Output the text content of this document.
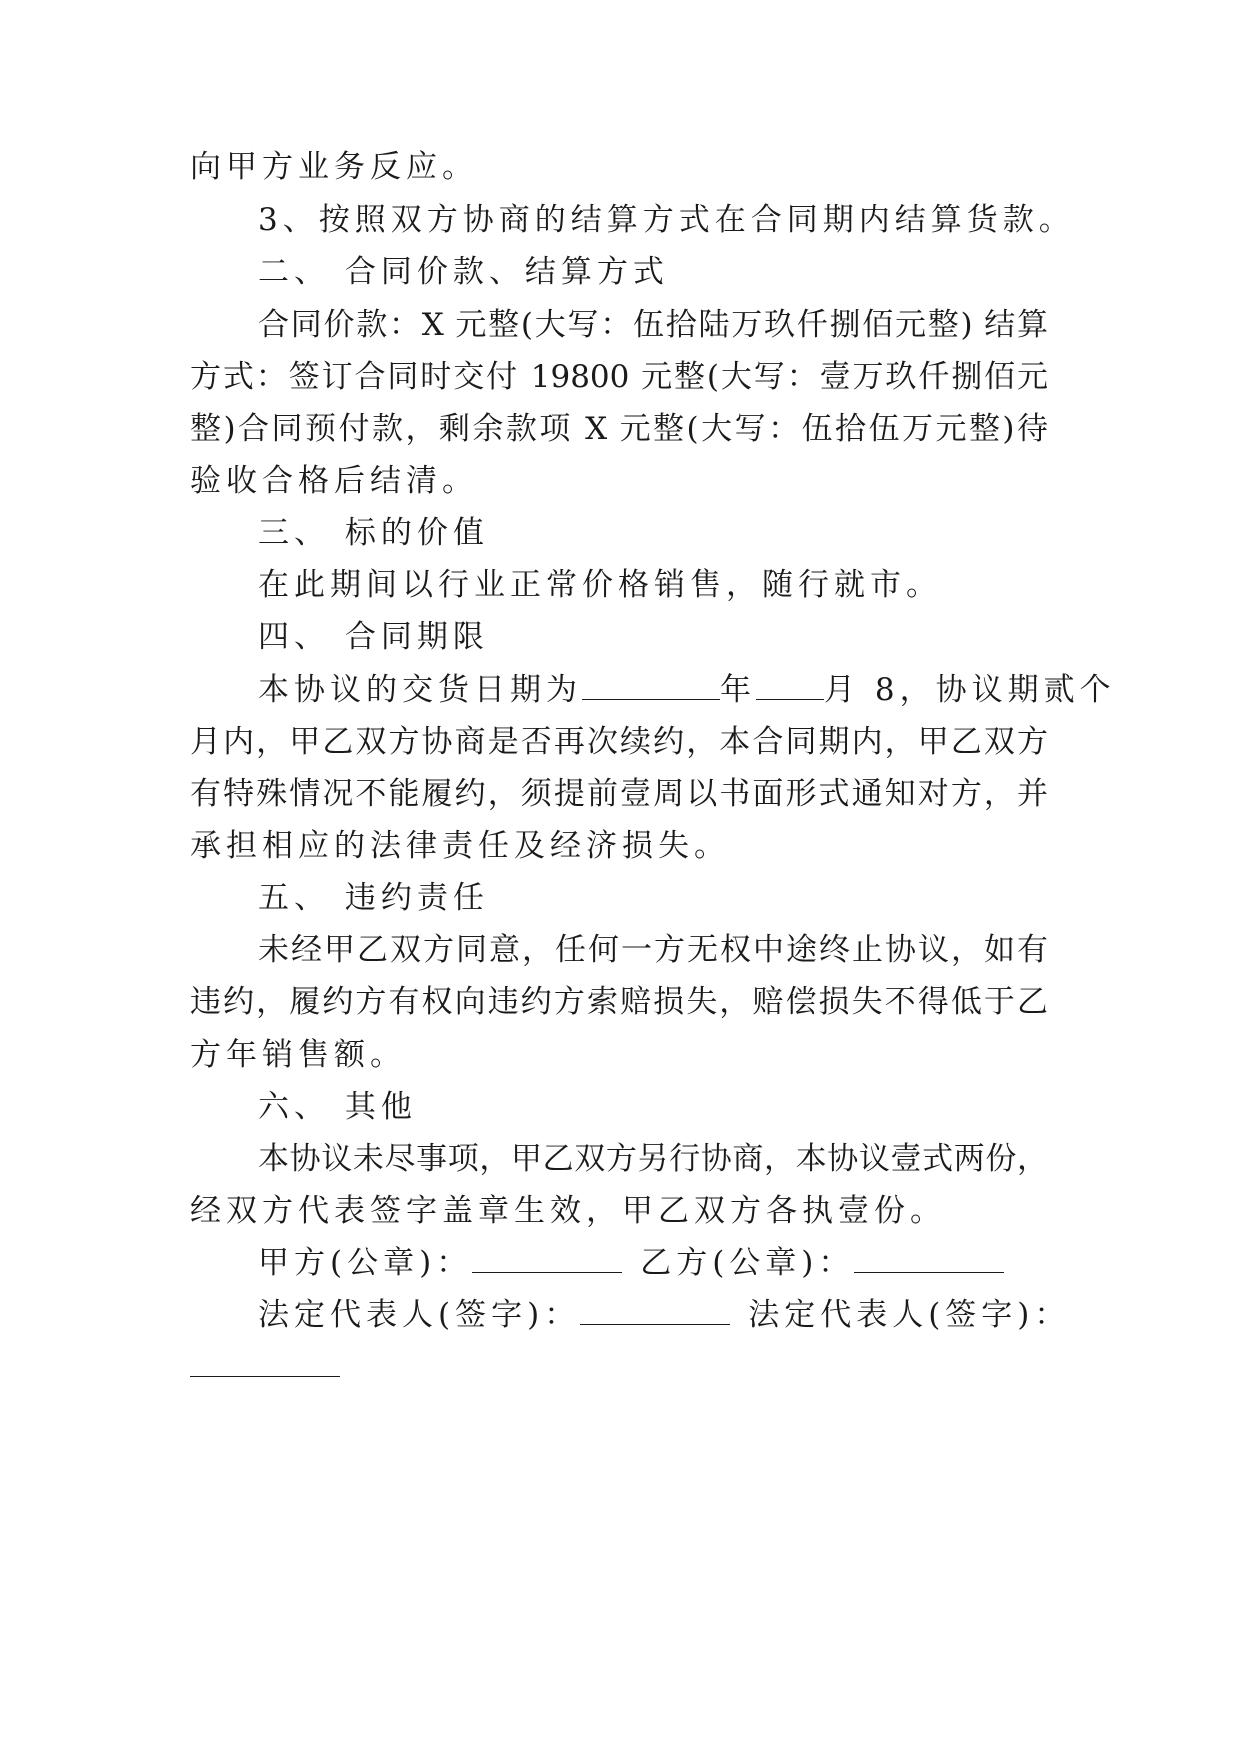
向甲方业务反应。
3、按照双方协商的结算方式在合同期内结算货款。
二、 合同价款、结算方式
合同价款：X 元整(大写：伍拾陆万玖仟捌佰元整) 结算
方式：签订合同时交付 19800 元整(大写：壹万玖仟捌佰元
整)合同预付款，剩余款项 X 元整(大写：伍拾伍万元整)待
验收合格后结清。
三、 标的价值
在此期间以行业正常价格销售，随行就市。
四、 合同期限
本协议的交货日期为	年 月 8，协议期贰个
月内，甲乙双方协商是否再次续约，本合同期内，甲乙双方
有特殊情况不能履约，须提前壹周以书面形式通知对方，并
承担相应的法律责任及经济损失。
五、 违约责任
未经甲乙双方同意，任何一方无权中途终止协议，如有
违约，履约方有权向违约方索赔损失，赔偿损失不得低于乙
方年销售额。
六、 其他
本协议未尽事项，甲乙双方另行协商，本协议壹式两份，
经双方代表签字盖章生效，甲乙双方各执壹份。
甲方(公章)：	乙方(公章)：
法定代表人(签字)：	法定代表人(签字)：
